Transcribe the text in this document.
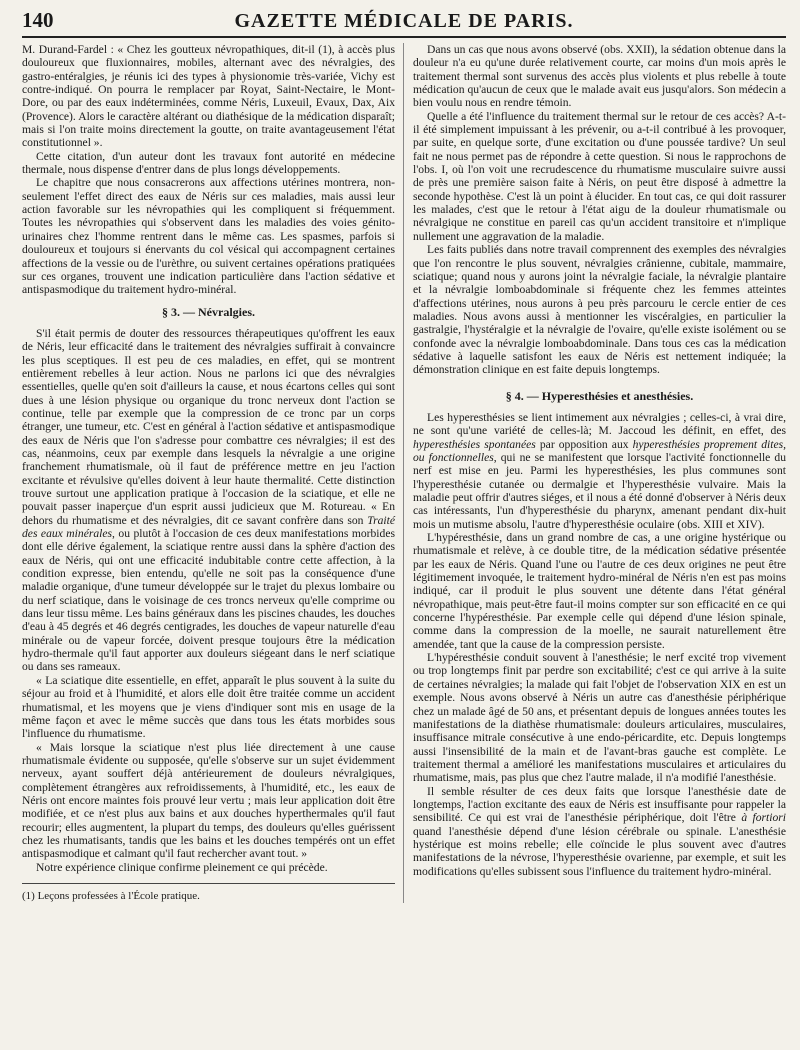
140	GAZETTE MÉDICALE DE PARIS.

M. Durand-Fardel : « Chez les goutteux névropathiques, dit-il (1), à accès plus douloureux que fluxionnaires, mobiles, alternant avec des névralgies, des gastro-entéralgies, je réunis ici des types à physionomie très-variée, Vichy est contre-indiqué. On pourra le remplacer par Royat, Saint-Nectaire, le Mont-Dore, ou par des eaux indéterminées, comme Néris, Luxeuil, Evaux, Dax, Aix (Provence). Alors le caractère altérant ou diathésique de la médication disparaît; mais si l'on traite moins directement la goutte, on traite avantageusement l'état constitutionnel ».

Cette citation, d'un auteur dont les travaux font autorité en médecine thermale, nous dispense d'entrer dans de plus longs développements.

Le chapitre que nous consacrerons aux affections utérines montrera, non-seulement l'effet direct des eaux de Néris sur ces maladies, mais aussi leur action favorable sur les névropathies qui les compliquent si fréquemment. Toutes les névropathies qui s'observent dans les maladies des voies génito-urinaires chez l'homme rentrent dans le même cas. Les spasmes, parfois si douloureux et toujours si énervants du col vésical qui accompagnent certaines affections de la vessie ou de l'urèthre, ou suivent certaines opérations pratiquées sur ces organes, trouvent une indication particulière dans l'action sédative et antispasmodique du traitement hydro-minéral.

§ 3. — Névralgies.

S'il était permis de douter des ressources thérapeutiques qu'offrent les eaux de Néris, leur efficacité dans le traitement des névralgies suffirait à convaincre les plus sceptiques. Il est peu de ces maladies, en effet, qui se montrent entièrement rebelles à leur action. Nous ne parlons ici que des névralgies essentielles, quelle qu'en soit d'ailleurs la cause, et nous écartons celles qui sont dues à une lésion physique ou organique du tronc nerveux dont l'action se continue, telle par exemple que la compression de ce tronc par un corps étranger, une tumeur, etc. C'est en général à l'action sédative et antispasmodique des eaux de Néris que l'on s'adresse pour combattre ces névralgies; il est des cas, néanmoins, ceux par exemple dans lesquels la névralgie a une origine franchement rhumatismale, où il faut de préférence mettre en jeu l'action excitante et révulsive qu'elles doivent à leur haute thermalité. Cette distinction trouve surtout une application pratique à l'occasion de la sciatique, et elle ne pouvait passer inaperçue d'un esprit aussi judicieux que M. Rotureau. « En dehors du rhumatisme et des névralgies, dit ce savant confrère dans son Traité des eaux minérales, ou plutôt à l'occasion de ces deux manifestations morbides dont elle dérive également, la sciatique rentre aussi dans la sphère d'action des eaux de Néris, qui ont une efficacité indubitable contre cette affection, à la condition expresse, bien entendu, qu'elle ne soit pas la conséquence d'une maladie organique, d'une tumeur développée sur le trajet du plexus lombaire ou du nerf sciatique, dans le voisinage de ces troncs nerveux qu'elle comprime ou dans leur tissu même. Les bains généraux dans les piscines chaudes, les douches d'eau à 45 degrés et 46 degrés centigrades, les douches de vapeur naturelle d'eau minérale ou de vapeur forcée, doivent presque toujours être la médication hydro-thermale qu'il faut apporter aux douleurs siégeant dans le nerf sciatique ou dans ses rameaux.

« La sciatique dite essentielle, en effet, apparaît le plus souvent à la suite du séjour au froid et à l'humidité, et alors elle doit être traitée comme un accident rhumatismal, et les moyens que je viens d'indiquer sont mis en usage de la même façon et avec le même succès que dans tous les états morbides sous l'influence du rhumatisme.

« Mais lorsque la sciatique n'est plus liée directement à une cause rhumatismale évidente ou supposée, qu'elle s'observe sur un sujet évidemment nerveux, ayant souffert déjà antérieurement de douleurs névralgiques, complètement étrangères aux refroidissements, à l'humidité, etc., les eaux de Néris ont encore maintes fois prouvé leur vertu ; mais leur application doit être modifiée, et ce n'est plus aux bains et aux douches hyperthermales qu'il faut recourir; elles augmentent, la plupart du temps, des douleurs qu'elles guérissent chez les rhumatisants, tandis que les bains et les douches tempérés ont un effet antispasmodique et calmant qu'il faut rechercher avant tout. »

Notre expérience clinique confirme pleinement ce qui précède.

(1) Leçons professées à l'École pratique.

Dans un cas que nous avons observé (obs. XXII), la sédation obtenue dans la douleur n'a eu qu'une durée relativement courte, car moins d'un mois après le traitement thermal sont survenus des accès plus violents et plus rebelle à toute médication qu'aucun de ceux que le malade avait eus jusqu'alors. Son médecin a bien voulu nous en rendre témoin.

Quelle a été l'influence du traitement thermal sur le retour de ces accès? A-t-il été simplement impuissant à les prévenir, ou a-t-il contribué à les provoquer, par suite, en quelque sorte, d'une excitation ou d'une poussée tardive? Un seul fait ne nous permet pas de répondre à cette question. Si nous le rapprochons de l'obs. I, où l'on voit une recrudescence du rhumatisme musculaire suivre aussi de près une première saison faite à Néris, on peut être disposé à admettre la seconde hypothèse. C'est là un point à élucider. En tout cas, ce qui doit rassurer les malades, c'est que le retour à l'état aigu de la douleur rhumatismale ou névralgique ne constitue en pareil cas qu'un accident transitoire et n'implique nullement une aggravation de la maladie.

Les faits publiés dans notre travail comprennent des exemples des névralgies que l'on rencontre le plus souvent, névralgies crânienne, cubitale, mammaire, sciatique; quand nous y aurons joint la névralgie faciale, la névralgie plantaire et la névralgie lomboabdominale si fréquente chez les femmes atteintes d'affections utérines, nous aurons à peu près parcouru le cercle entier de ces maladies. Nous avons aussi à mentionner les viscéralgies, en particulier la gastralgie, l'hystéralgie et la névralgie de l'ovaire, qu'elle existe isolément ou se confonde avec la névralgie lomboabdominale. Dans tous ces cas la médication sédative à laquelle satisfont les eaux de Néris est nettement indiquée; la démonstration clinique en est faite depuis longtemps.

§ 4. — Hyperesthésies et anesthésies.

Les hyperesthésies se lient intimement aux névralgies ; celles-ci, à vrai dire, ne sont qu'une variété de celles-là; M. Jaccoud les définit, en effet, des hyperesthésies spontanées par opposition aux hyperesthésies proprement dites, ou fonctionnelles, qui ne se manifestent que lorsque l'activité fonctionnelle du nerf est mise en jeu. Parmi les hyperesthésies, les plus communes sont l'hyperesthésie cutanée ou dermalgie et l'hyperesthésie vulvaire. Mais la maladie peut offrir d'autres siéges, et il nous a été donné d'observer à Néris deux cas intéressants, l'un d'hyperesthésie du pharynx, amenant pendant dix-huit mois un mutisme absolu, l'autre d'hyperesthésie oculaire (obs. XIII et XIV).

L'hypéresthésie, dans un grand nombre de cas, a une origine hystérique ou rhumatismale et relève, à ce double titre, de la médication sédative présentée par les eaux de Néris. Quand l'une ou l'autre de ces deux origines ne peut être légitimement invoquée, le traitement hydro-minéral de Néris n'en est pas moins indiqué, car il produit le plus souvent une détente dans l'état général névropathique, mais peut-être faut-il moins compter sur son efficacité en ce qui concerne l'hypéresthésie. Par exemple celle qui dépend d'une lésion spinale, comme dans la compression de la moelle, ne saurait naturellement être amendée, tant que la cause de la compression persiste.

L'hypéresthésie conduit souvent à l'anesthésie; le nerf excité trop vivement ou trop longtemps finit par perdre son excitabilité; c'est ce qui arrive à la suite de certaines névralgies; la malade qui fait l'objet de l'observation XIX en est un exemple. Nous avons observé à Néris un autre cas d'anesthésie périphérique chez un malade âgé de 50 ans, et présentant depuis de longues années toutes les manifestations de la diathèse rhumatismale: douleurs articulaires, musculaires, insuffisance mitrale consécutive à une endo-péricardite, etc. Depuis longtemps aussi l'insensibilité de la main et de l'avant-bras gauche est complète. Le traitement thermal a amélioré les manifestations musculaires et articulaires du rhumatisme, mais, pas plus que chez l'autre malade, il n'a modifié l'anesthésie.

Il semble résulter de ces deux faits que lorsque l'anesthésie date de longtemps, l'action excitante des eaux de Néris est insuffisante pour rappeler la sensibilité. Ce qui est vrai de l'anesthésie périphérique, doit l'être à fortiori quand l'anesthésie dépend d'une lésion cérébrale ou spinale. L'anesthésie hystérique est moins rebelle; elle coïncide le plus souvent avec d'autres manifestations de la névrose, l'hyperesthésie ovarienne, par exemple, et suit les modifications qu'elles subissent sous l'influence du traitement hydro-minéral.
